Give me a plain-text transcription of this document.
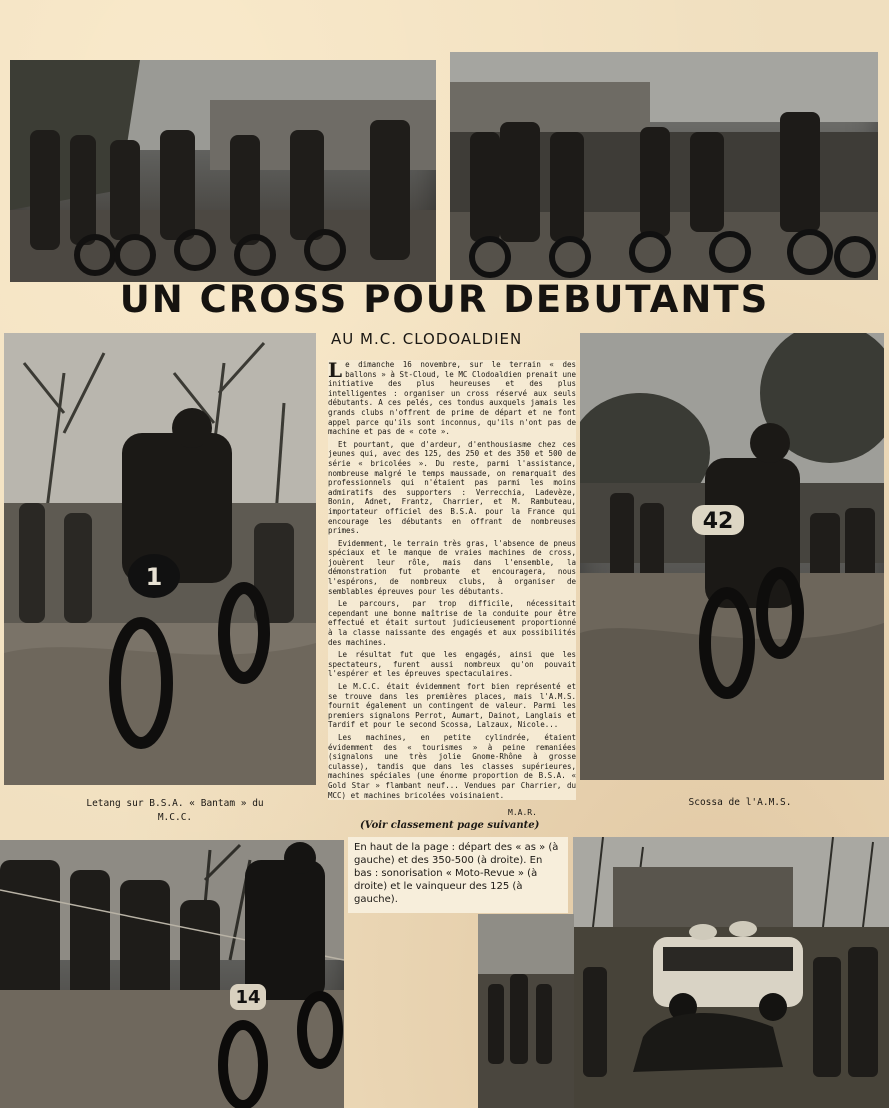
UN CROSS POUR DEBUTANTS
AU M.C. CLODOALDIEN
1
42

Le dimanche 16 novembre, sur le terrain « des ballons » à St-Cloud, le MC Clodoaldien prenait une initiative des plus heureuses et des plus intelligentes : organiser un cross réservé aux seuls débutants. A ces pelés, ces tondus auxquels jamais les grands clubs n'offrent de prime de départ et ne font appel parce qu'ils sont inconnus, qu'ils n'ont pas de machine et pas de « cote ».

Et pourtant, que d'ardeur, d'enthousiasme chez ces jeunes qui, avec des 125, des 250 et des 350 et 500 de série « bricolées ». Du reste, parmi l'assistance, nombreuse malgré le temps maussade, on remarquait des professionnels qui n'étaient pas parmi les moins admiratifs des supporters : Verrecchia, Ladevèze, Bonin, Adnet, Frantz, Charrier, et M. Rambuteau, importateur officiel des B.S.A. pour la France qui encourage les débutants en offrant de nombreuses primes.

Evidemment, le terrain très gras, l'absence de pneus spéciaux et le manque de vraies machines de cross, jouèrent leur rôle, mais dans l'ensemble, la démonstration fut probante et encouragera, nous l'espérons, de nombreux clubs, à organiser de semblables épreuves pour les débutants.

Le parcours, par trop difficile, nécessitait cependant une bonne maîtrise de la conduite pour être effectué et était surtout judicieusement proportionné à la classe naissante des engagés et aux possibilités des machines.

Le résultat fut que les engagés, ainsi que les spectateurs, furent aussi nombreux qu'on pouvait l'espérer et les épreuves spectaculaires.

Le M.C.C. était évidemment fort bien représenté et se trouve dans les premières places, mais l'A.M.S. fournit également un contingent de valeur. Parmi les premiers signalons Perrot, Aumart, Dainot, Langlais et Tardif et pour le second Scossa, Lalzaux, Nicole...

Les machines, en petite cylindrée, étaient évidemment des « tourismes » à peine remaniées (signalons une très jolie Gnome-Rhône à grosse culasse), tandis que dans les classes supérieures, machines spéciales (une énorme proportion de B.S.A. « Gold Star » flambant neuf... Vendues par Charrier, du MCC) et machines bricolées voisinaient.

M.A.R.
(Voir classement page suivante)
Letang sur B.S.A. « Bantam » du M.C.C.
Scossa de l'A.M.S.
En haut de la page : départ des « as » (à gauche) et des 350-500 (à droite). En bas : sonorisation « Moto-Revue » (à droite) et le vainqueur des 125 (à gauche).
14
